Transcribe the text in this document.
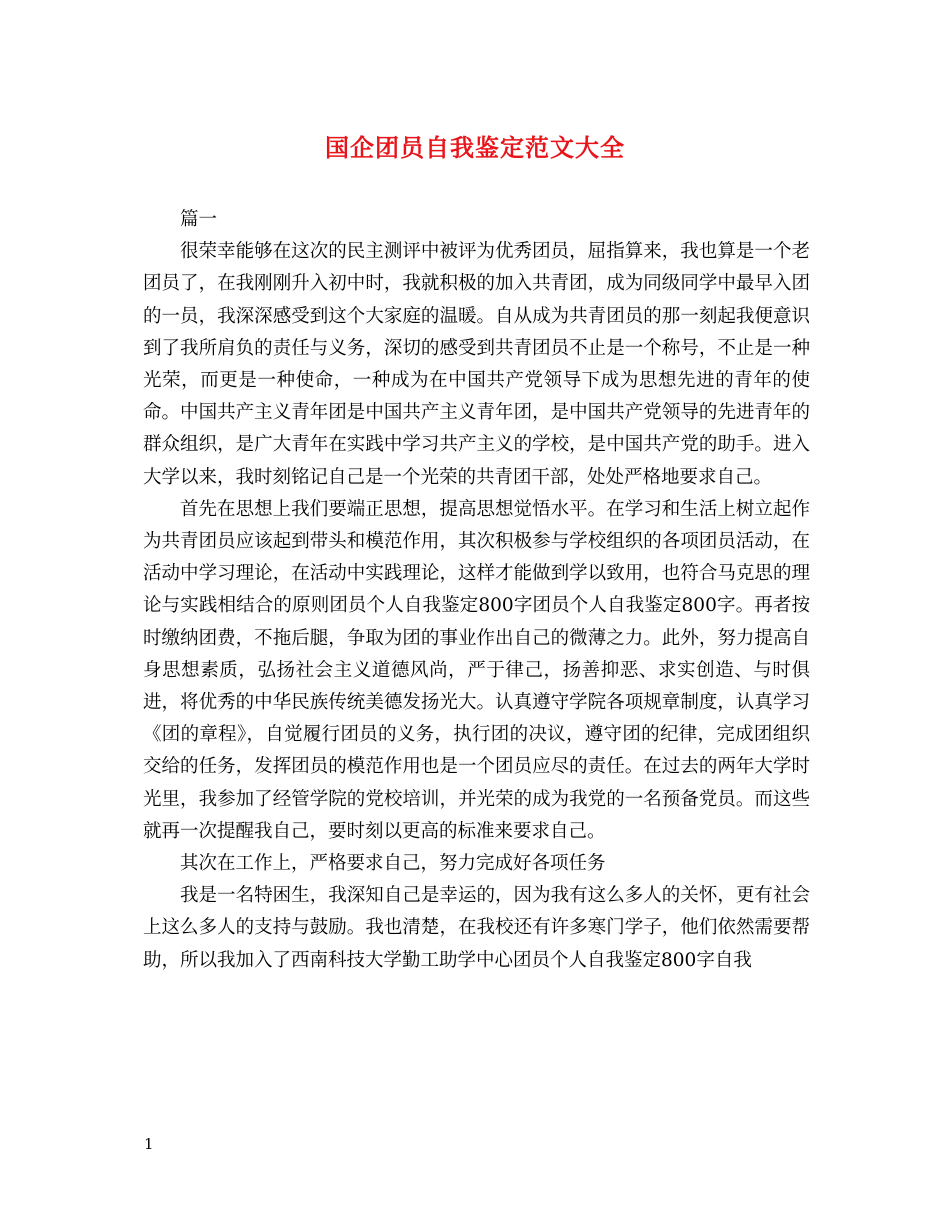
国企团员自我鉴定范文大全

篇一

很荣幸能够在这次的民主测评中被评为优秀团员，屈指算来，我也算是一个老团员了，在我刚刚升入初中时，我就积极的加入共青团，成为同级同学中最早入团的一员，我深深感受到这个大家庭的温暖。自从成为共青团员的那一刻起我便意识到了我所肩负的责任与义务，深切的感受到共青团员不止是一个称号，不止是一种光荣，而更是一种使命，一种成为在中国共产党领导下成为思想先进的青年的使命。中国共产主义青年团是中国共产主义青年团，是中国共产党领导的先进青年的群众组织，是广大青年在实践中学习共产主义的学校，是中国共产党的助手。进入大学以来，我时刻铭记自己是一个光荣的共青团干部，处处严格地要求自己。

首先在思想上我们要端正思想，提高思想觉悟水平。在学习和生活上树立起作为共青团员应该起到带头和模范作用，其次积极参与学校组织的各项团员活动，在活动中学习理论，在活动中实践理论，这样才能做到学以致用，也符合马克思的理论与实践相结合的原则团员个人自我鉴定800字团员个人自我鉴定800字。再者按时缴纳团费，不拖后腿，争取为团的事业作出自己的微薄之力。此外，努力提高自身思想素质，弘扬社会主义道德风尚，严于律己，扬善抑恶、求实创造、与时俱进，将优秀的中华民族传统美德发扬光大。认真遵守学院各项规章制度，认真学习《团的章程》，自觉履行团员的义务，执行团的决议，遵守团的纪律，完成团组织交给的任务，发挥团员的模范作用也是一个团员应尽的责任。在过去的两年大学时光里，我参加了经管学院的党校培训，并光荣的成为我党的一名预备党员。而这些就再一次提醒我自己，要时刻以更高的标准来要求自己。

其次在工作上，严格要求自己，努力完成好各项任务

我是一名特困生，我深知自己是幸运的，因为我有这么多人的关怀，更有社会上这么多人的支持与鼓励。我也清楚，在我校还有许多寒门学子，他们依然需要帮助，所以我加入了西南科技大学勤工助学中心团员个人自我鉴定800字自我

1
